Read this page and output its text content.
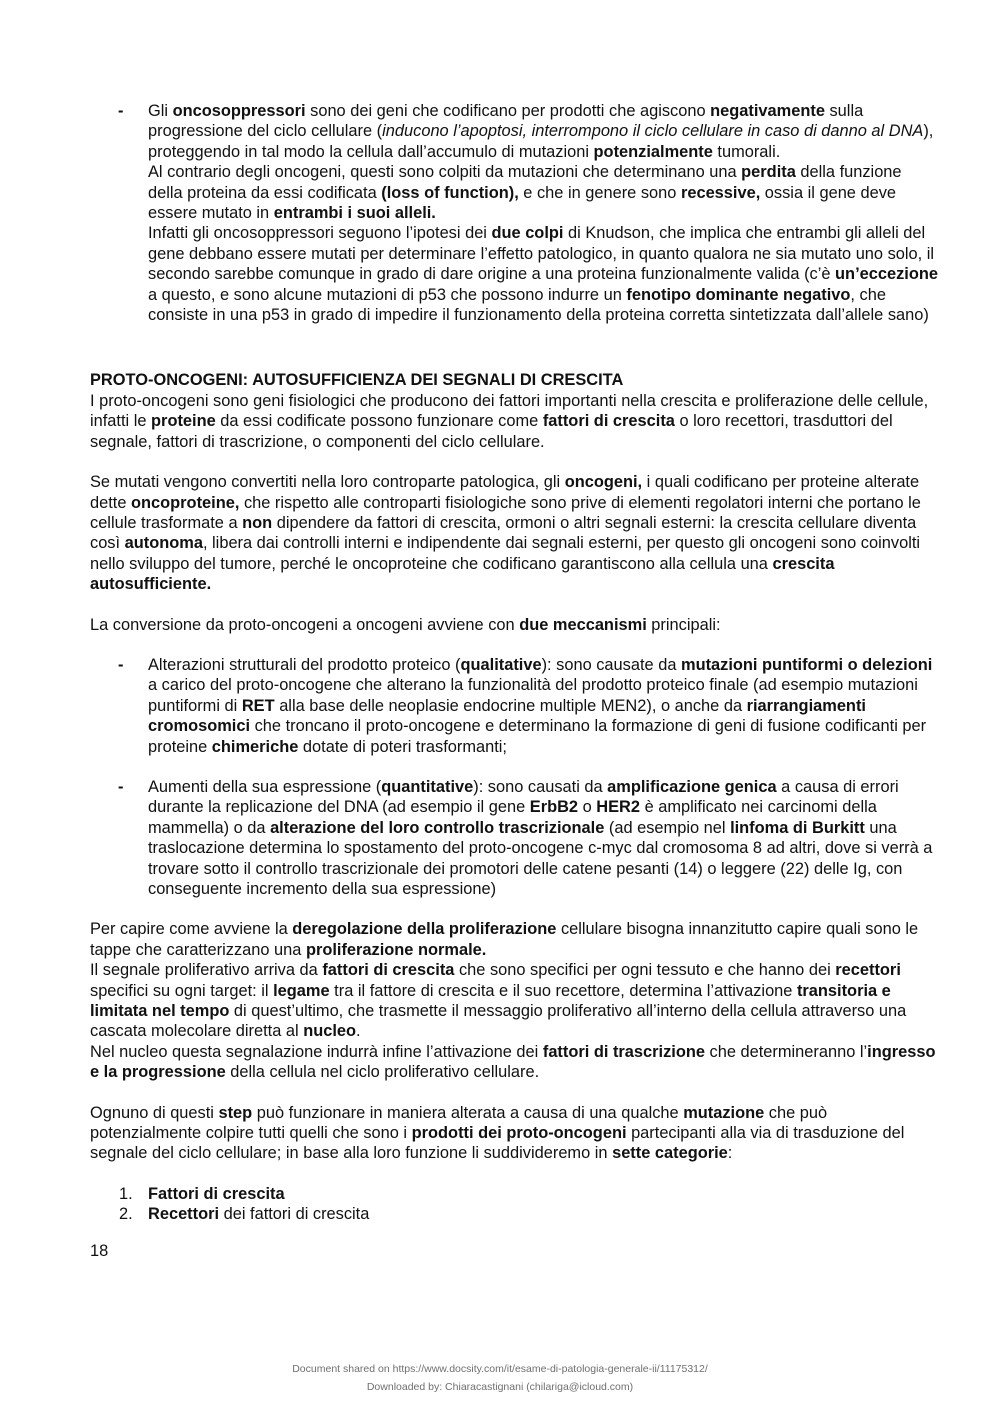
- Gli oncosoppressori sono dei geni che codificano per prodotti che agiscono negativamente sulla progressione del ciclo cellulare (inducono l’apoptosi, interrompono il ciclo cellulare in caso di danno al DNA), proteggendo in tal modo la cellula dall’accumulo di mutazioni potenzialmente tumorali.
Al contrario degli oncogeni, questi sono colpiti da mutazioni che determinano una perdita della funzione della proteina da essi codificata (loss of function), e che in genere sono recessive, ossia il gene deve essere mutato in entrambi i suoi alleli.
Infatti gli oncosoppressori seguono l’ipotesi dei due colpi di Knudson, che implica che entrambi gli alleli del gene debbano essere mutati per determinare l’effetto patologico, in quanto qualora ne sia mutato uno solo, il secondo sarebbe comunque in grado di dare origine a una proteina funzionalmente valida (c’è un’eccezione a questo, e sono alcune mutazioni di p53 che possono indurre un fenotipo dominante negativo, che consiste in una p53 in grado di impedire il funzionamento della proteina corretta sintetizzata dall’allele sano)

PROTO-ONCOGENI: AUTOSUFFICIENZA DEI SEGNALI DI CRESCITA

I proto-oncogeni sono geni fisiologici che producono dei fattori importanti nella crescita e proliferazione delle cellule, infatti le proteine da essi codificate possono funzionare come fattori di crescita o loro recettori, trasduttori del segnale, fattori di trascrizione, o componenti del ciclo cellulare.

Se mutati vengono convertiti nella loro controparte patologica, gli oncogeni, i quali codificano per proteine alterate dette oncoproteine, che rispetto alle controparti fisiologiche sono prive di elementi regolatori interni che portano le cellule trasformate a non dipendere da fattori di crescita, ormoni o altri segnali esterni: la crescita cellulare diventa così autonoma, libera dai controlli interni e indipendente dai segnali esterni, per questo gli oncogeni sono coinvolti nello sviluppo del tumore, perché le oncoproteine che codificano garantiscono alla cellula una crescita autosufficiente.

La conversione da proto-oncogeni a oncogeni avviene con due meccanismi principali:

- Alterazioni strutturali del prodotto proteico (qualitative): sono causate da mutazioni puntiformi o delezioni a carico del proto-oncogene che alterano la funzionalità del prodotto proteico finale (ad esempio mutazioni puntiformi di RET alla base delle neoplasie endocrine multiple MEN2), o anche da riarrangiamenti cromosomici che troncano il proto-oncogene e determinano la formazione di geni di fusione codificanti per proteine chimeriche dotate di poteri trasformanti;

- Aumenti della sua espressione (quantitative): sono causati da amplificazione genica a causa di errori durante la replicazione del DNA (ad esempio il gene ErbB2 o HER2 è amplificato nei carcinomi della mammella) o da alterazione del loro controllo trascrizionale (ad esempio nel linfoma di Burkitt una traslocazione determina lo spostamento del proto-oncogene c-myc dal cromosoma 8 ad altri, dove si verrà a trovare sotto il controllo trascrizionale dei promotori delle catene pesanti (14) o leggere (22) delle Ig, con conseguente incremento della sua espressione)

Per capire come avviene la deregolazione della proliferazione cellulare bisogna innanzitutto capire quali sono le tappe che caratterizzano una proliferazione normale.
Il segnale proliferativo arriva da fattori di crescita che sono specifici per ogni tessuto e che hanno dei recettori specifici su ogni target: il legame tra il fattore di crescita e il suo recettore, determina l’attivazione transitoria e limitata nel tempo di quest’ultimo, che trasmette il messaggio proliferativo all’interno della cellula attraverso una cascata molecolare diretta al nucleo.
Nel nucleo questa segnalazione indurrà infine l’attivazione dei fattori di trascrizione che determineranno l’ingresso e la progressione della cellula nel ciclo proliferativo cellulare.

Ognuno di questi step può funzionare in maniera alterata a causa di una qualche mutazione che può potenzialmente colpire tutti quelli che sono i prodotti dei proto-oncogeni partecipanti alla via di trasduzione del segnale del ciclo cellulare; in base alla loro funzione li suddivideremo in sette categorie:

1. Fattori di crescita

2. Recettori dei fattori di crescita

18
Document shared on https://www.docsity.com/it/esame-di-patologia-generale-ii/11175312/
Downloaded by: Chiaracastignani (chilariga@icloud.com)
